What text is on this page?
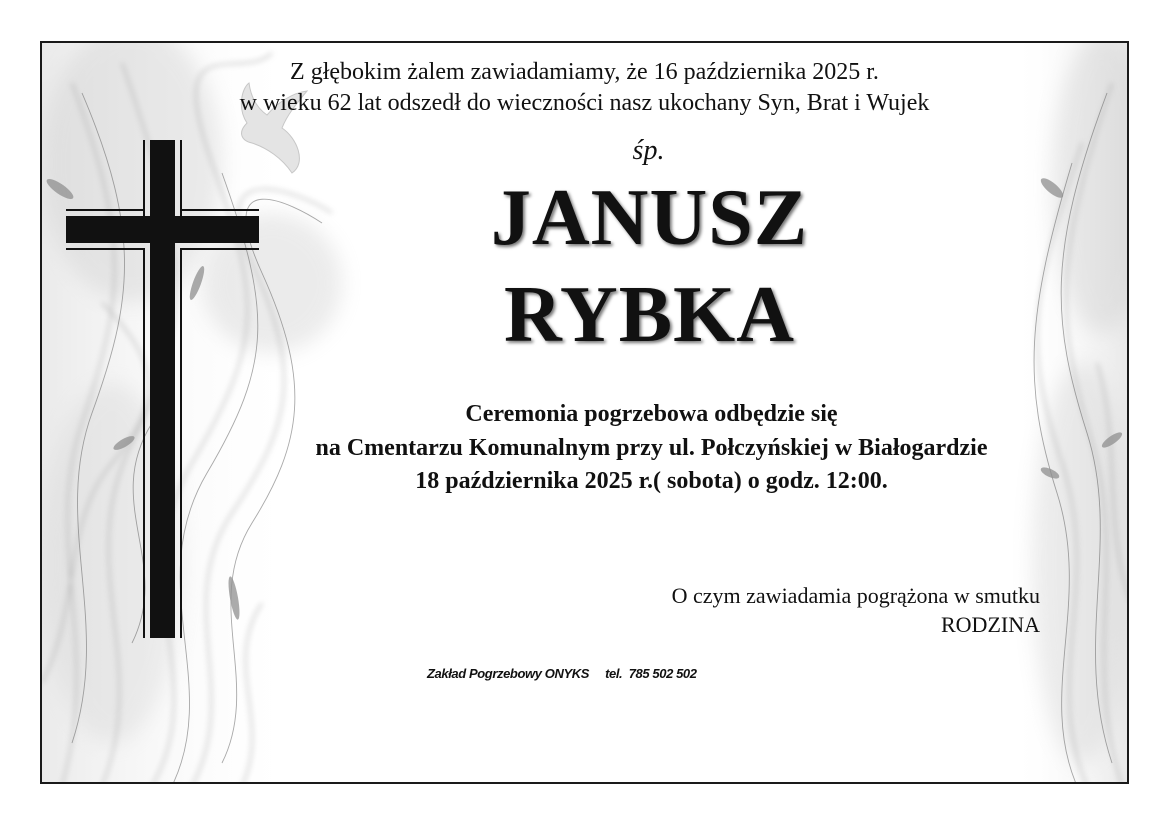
Z głębokim żalem zawiadamiamy, że 16 października 2025 r.
w wieku 62 lat odszedł do wieczności nasz ukochany Syn, Brat i Wujek
śp.
JANUSZ
RYBKA
Ceremonia pogrzebowa odbędzie się
na Cmentarzu Komunalnym przy ul. Połczyńskiej w Białogardzie
18 października 2025 r.( sobota) o godz. 12:00.
O czym zawiadamia pogrążona w smutku
RODZINA
Zakład Pogrzebowy ONYKS tel. 785 502 502
